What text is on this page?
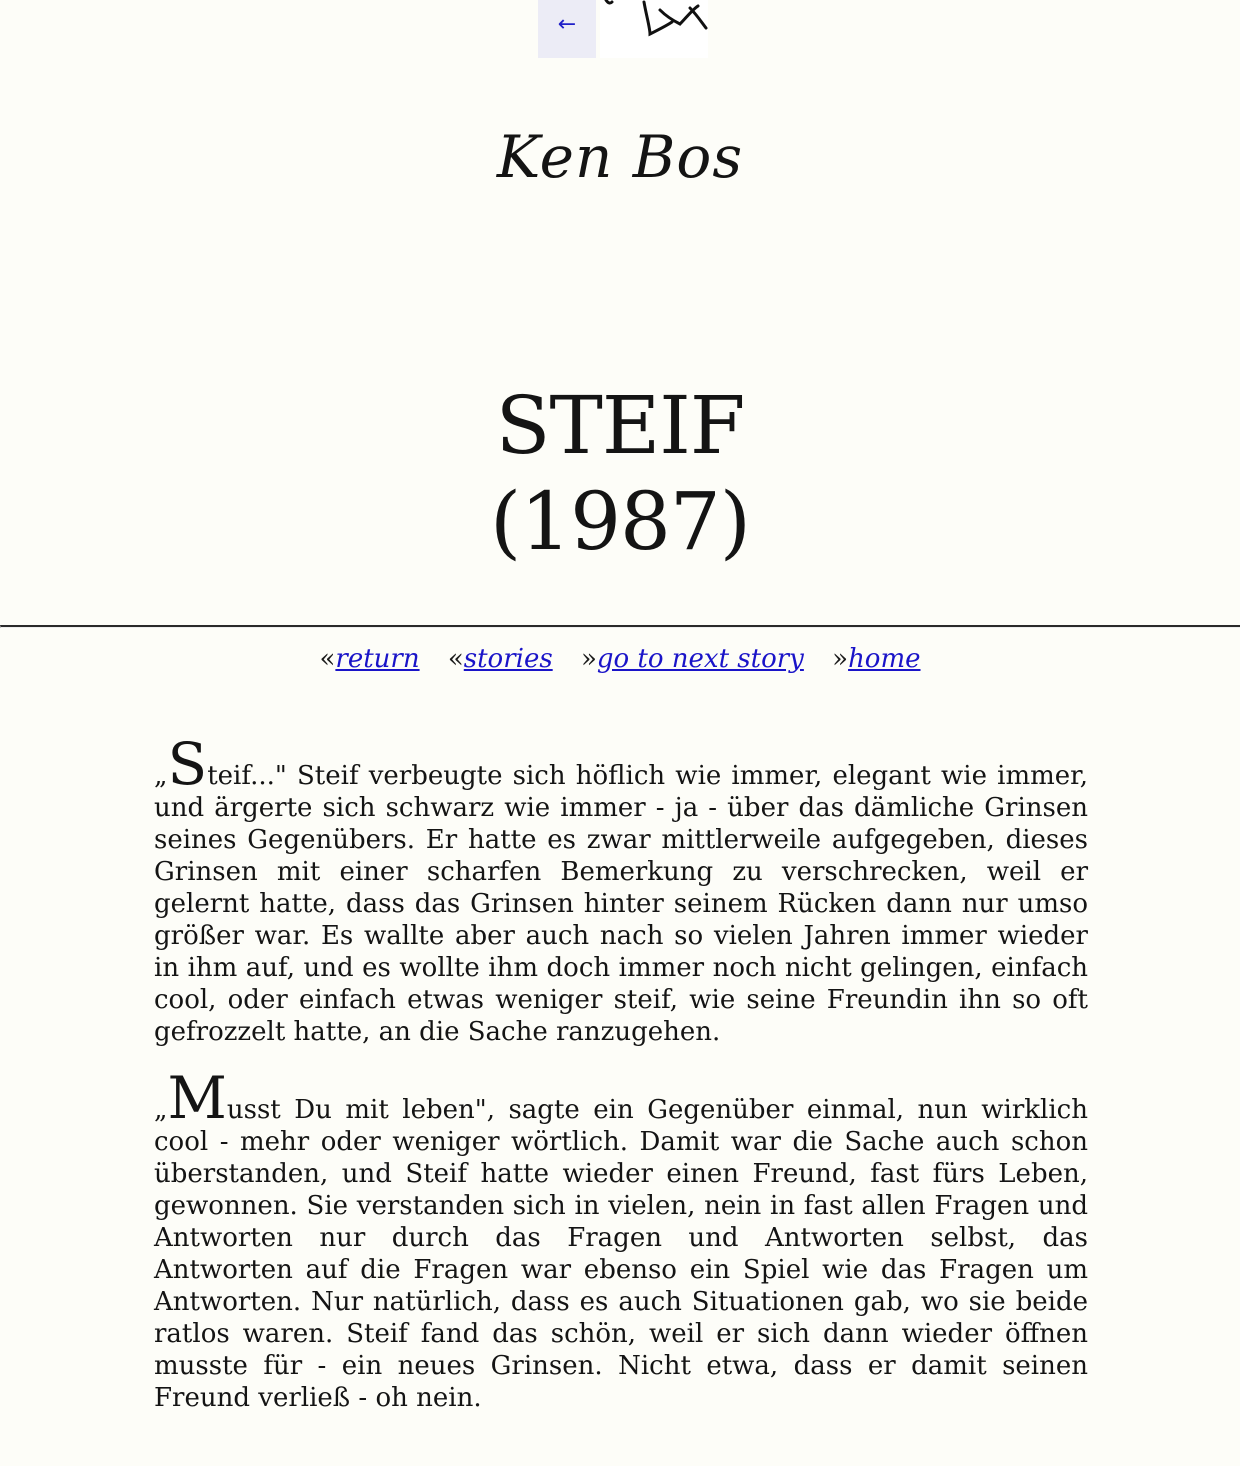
←
Ken Bos
STEIF
(1987)
«return «stories »go to next story »home

„Steif..." Steif verbeugte sich höflich wie immer, elegant wie immer, und ärgerte sich schwarz wie immer - ja - über das dämliche Grinsen seines Gegenübers. Er hatte es zwar mittlerweile aufgegeben, dieses Grinsen mit einer scharfen Bemerkung zu verschrecken, weil er gelernt hatte, dass das Grinsen hinter seinem Rücken dann nur umso größer war. Es wallte aber auch nach so vielen Jahren immer wieder in ihm auf, und es wollte ihm doch immer noch nicht gelingen, einfach cool, oder einfach etwas weniger steif, wie seine Freundin ihn so oft gefrozzelt hatte, an die Sache ranzugehen.

„Musst Du mit leben", sagte ein Gegenüber einmal, nun wirklich cool - mehr oder weniger wörtlich. Damit war die Sache auch schon überstanden, und Steif hatte wieder einen Freund, fast fürs Leben, gewonnen. Sie verstanden sich in vielen, nein in fast allen Fragen und Antworten nur durch das Fragen und Antworten selbst, das Antworten auf die Fragen war ebenso ein Spiel wie das Fragen um Antworten. Nur natürlich, dass es auch Situationen gab, wo sie beide ratlos waren. Steif fand das schön, weil er sich dann wieder öffnen musste für - ein neues Grinsen. Nicht etwa, dass er damit seinen Freund verließ - oh nein.
